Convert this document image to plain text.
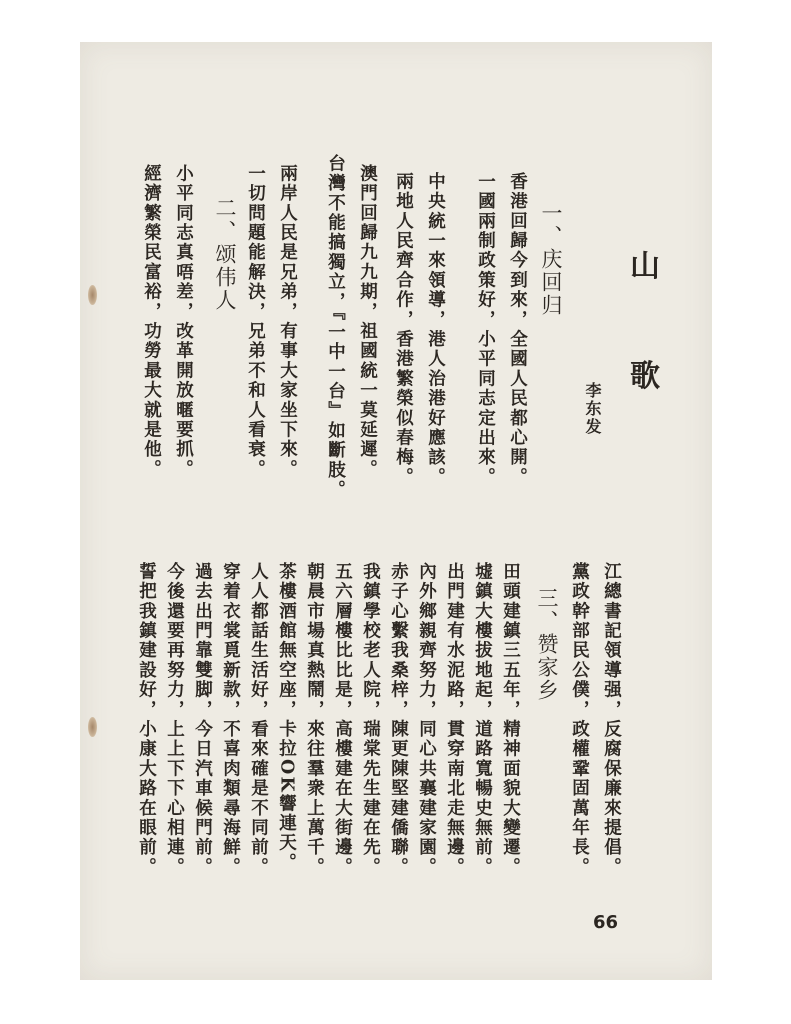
山
歌
李东发
一、庆回归
香港回歸今到來，全國人民都心開。
一國兩制政策好，小平同志定出來。
中央統一來領導，港人治港好應該。
兩地人民齊合作，香港繁榮似春梅。
澳門回歸九九期，祖國統一莫延遲。
台灣不能搞獨立，『一中一台』如斷肢。
兩岸人民是兄弟，有事大家坐下來。
一切問題能解決，兄弟不和人看衰。
二、颂伟人
小平同志真唔差，改革開放暱要抓。
經濟繁榮民富裕，功勞最大就是他。
江總書記領導强，反腐保廉來提倡。
黨政幹部民公僕，政權鞏固萬年長。
三、赞家乡
田頭建鎮三五年，精神面貌大變遷。
墟鎮大樓拔地起，道路寬暢史無前。
出門建有水泥路，貫穿南北走無邊。
內外鄉親齊努力，同心共襄建家園。
赤子心繫我桑梓，陳更陳堅建僑聯。
我鎮學校老人院，瑞棠先生建在先。
五六層樓比比是，高樓建在大街邊。
朝晨市場真熱鬧，來往羣衆上萬千。
茶樓酒館無空座，卡拉OK響連天。
人人都話生活好，看來確是不同前。
穿着衣裳覓新款，不喜肉類尋海鮮。
過去出門靠雙脚，今日汽車候門前。
今後還要再努力，上上下下心相連。
誓把我鎮建設好，小康大路在眼前。
66
